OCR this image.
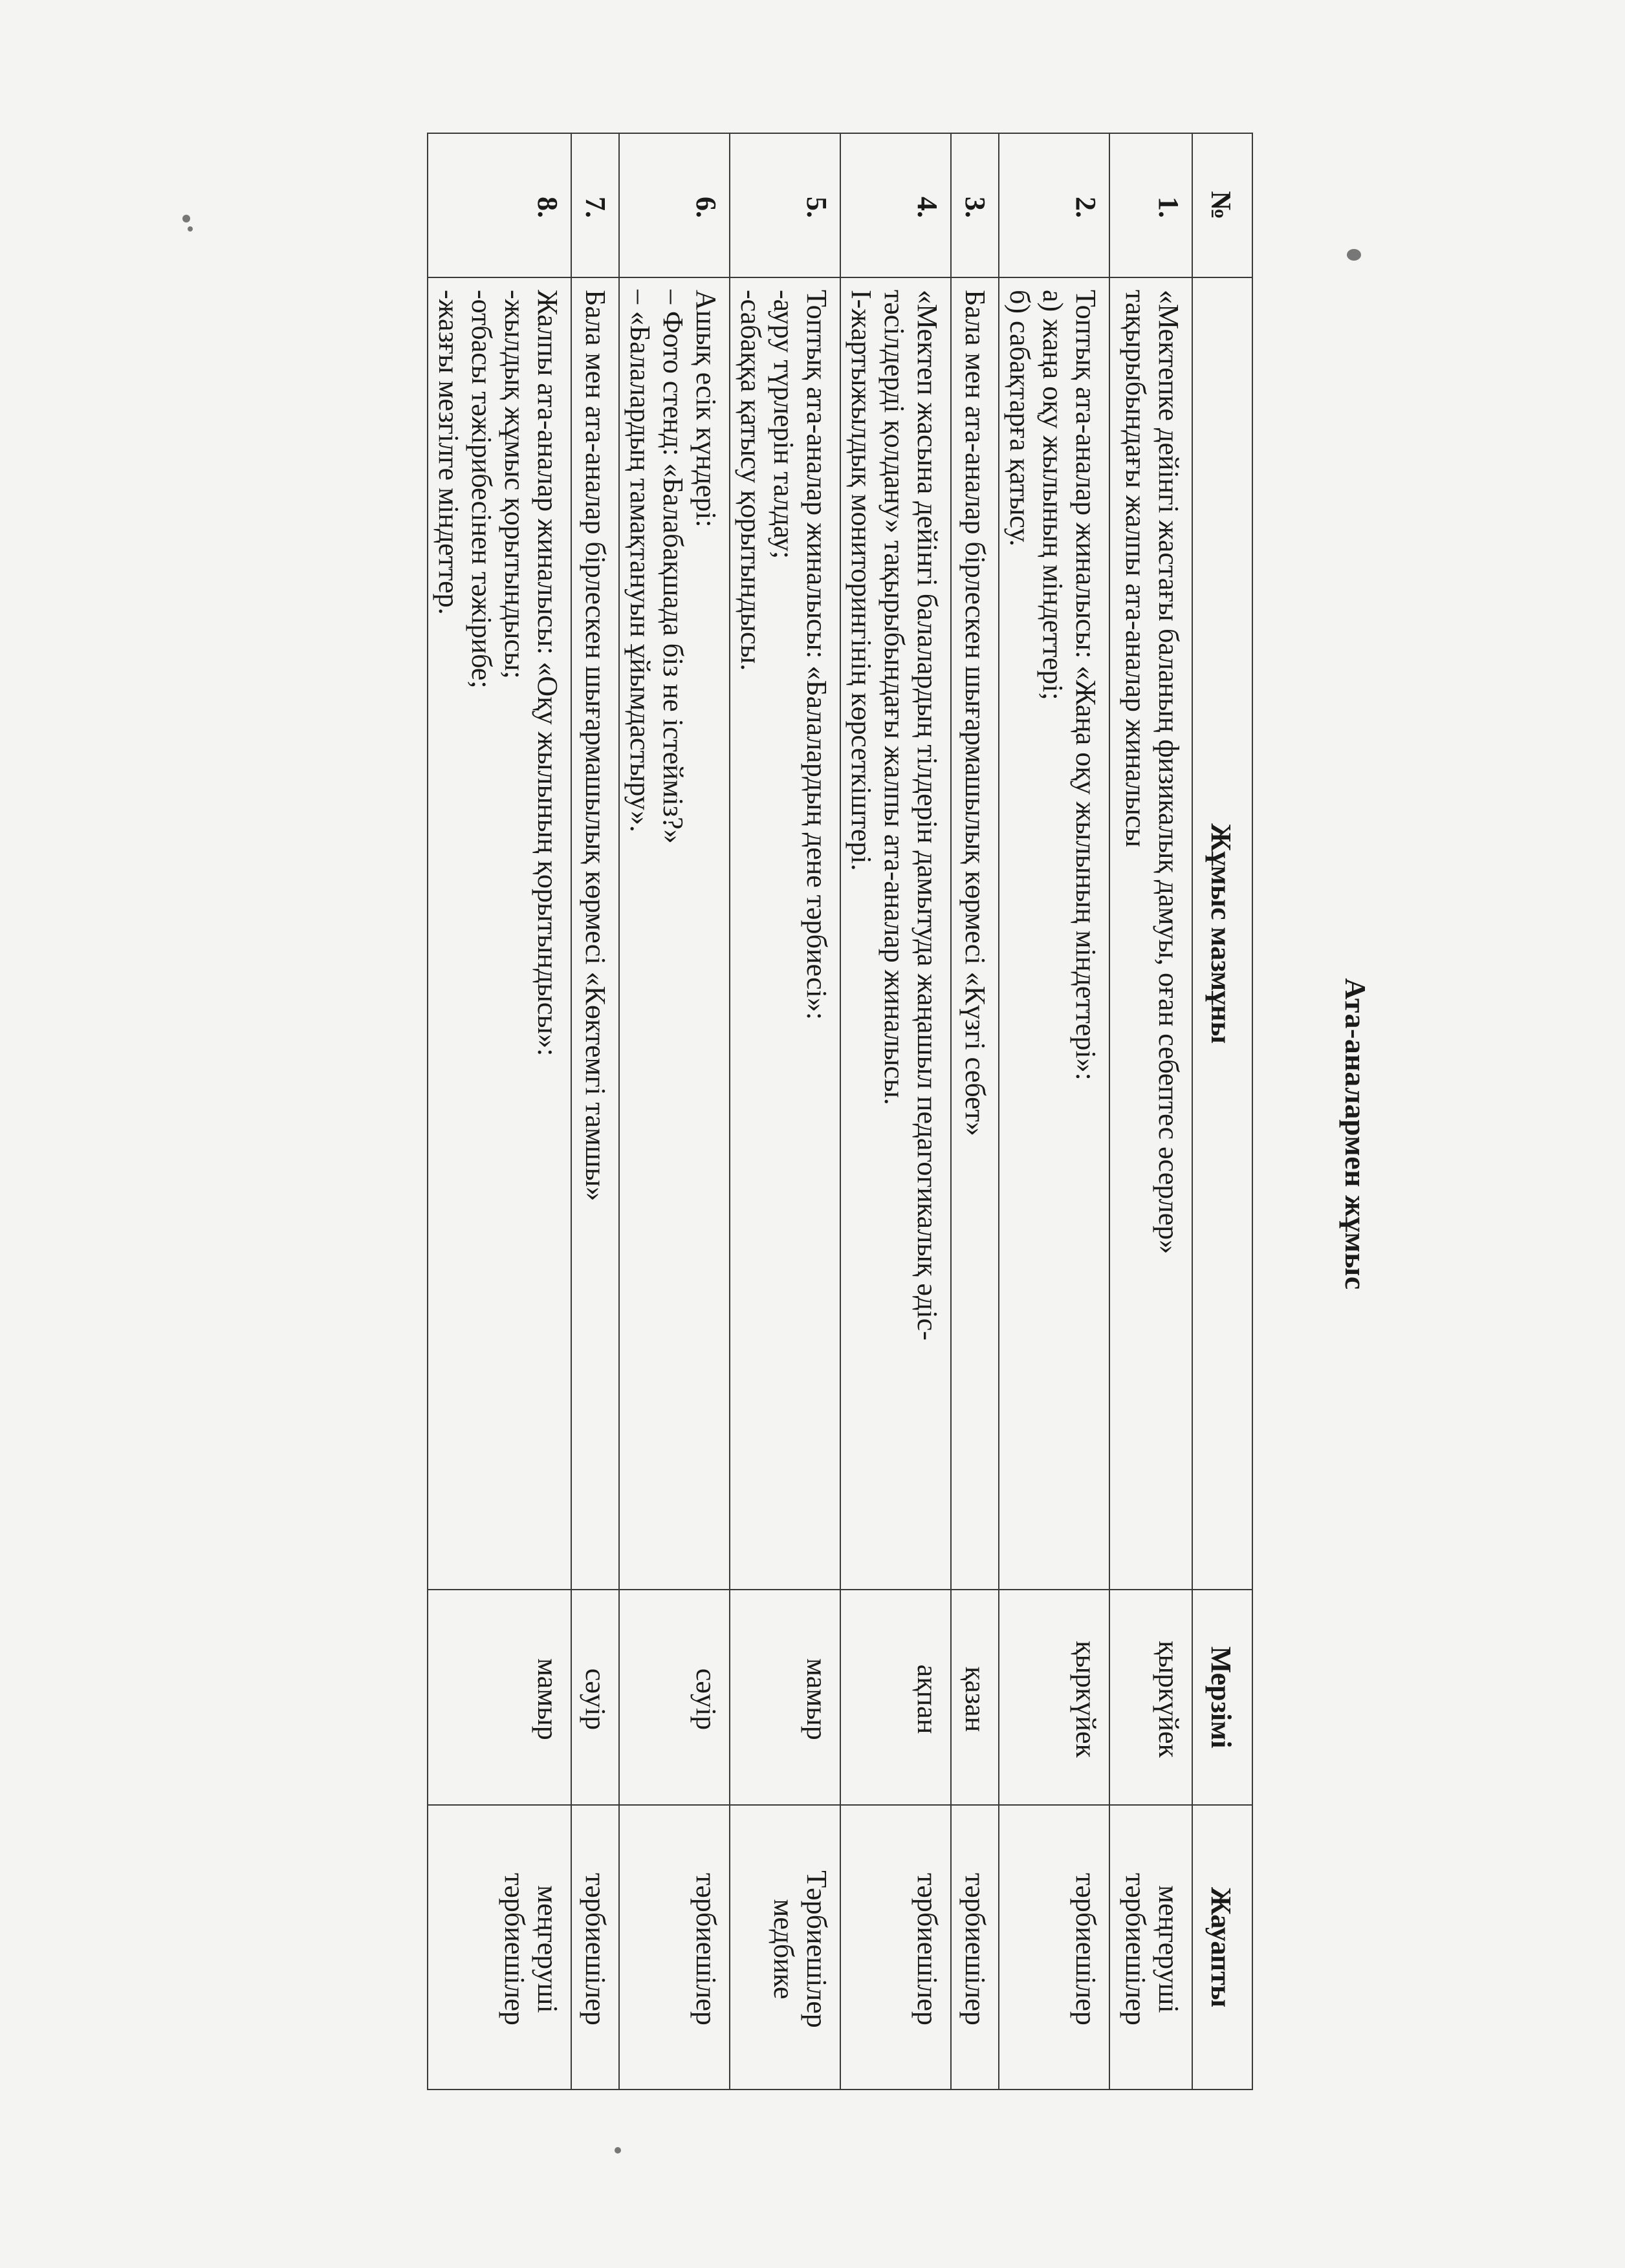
Ата-аналармен жұмыс
№	Жұмыс мазмұны	Мерзімі	Жауапты
1.	«Мектепке дейінгі жастағы баланың физикалық дамуы, оған себептес әсерлер»
тақырыбындағы жалпы ата-аналар жиналысы	қыркүйек	меңгеруші
тәрбиешілер

2.	Топтық ата-аналар жиналысы: «Жаңа оқу жылының міндеттері»:
а) жаңа оқу жылының міндеттері;
б) сабақтарға қатысу.	қыркүйек	тәрбиешілер

3.	Бала мен ата-аналар бірлескен шығармашылық көрмесі «Күзгі себет»	қазан	тәрбиешілер

4.	«Мектеп жасына дейінгі балалардың тілдерін дамытуда жаңашыл педагогикалық әдіс-
тәсілдерді қолдану» тақырыбындағы жалпы ата-аналар жиналысы.
І-жартыжылдық мониторингінің көрсеткіштері.	ақпан	тәрбиешілер

5.	Топтық ата-аналар жиналысы: «Балалардың дене тәрбиесі»:
-ауру түрлерін талдау;
-сабаққа қатысу қорытындысы.	мамыр	Тәрбиешілер
медбике

6.	Ашық есік күндері:
– Фото стенд: «Балабақшада біз не істейміз?»
– «Балалардың тамақтануын ұйымдастыру».	сәуір	тәрбиешілер

7.	Бала мен ата-аналар бірлескен шығармашылық көрмесі «Көктемгі тамшы»	сәуір	тәрбиешілер

8.	Жалпы ата-аналар жиналысы: «Оқу жылының қорытындысы»:
-жылдық жұмыс қорытындысы;
-отбасы тәжірибесінен тәжірибе;
-жазғы мезгілге міндеттер.	мамыр	меңгеруші
тәрбиешілер
